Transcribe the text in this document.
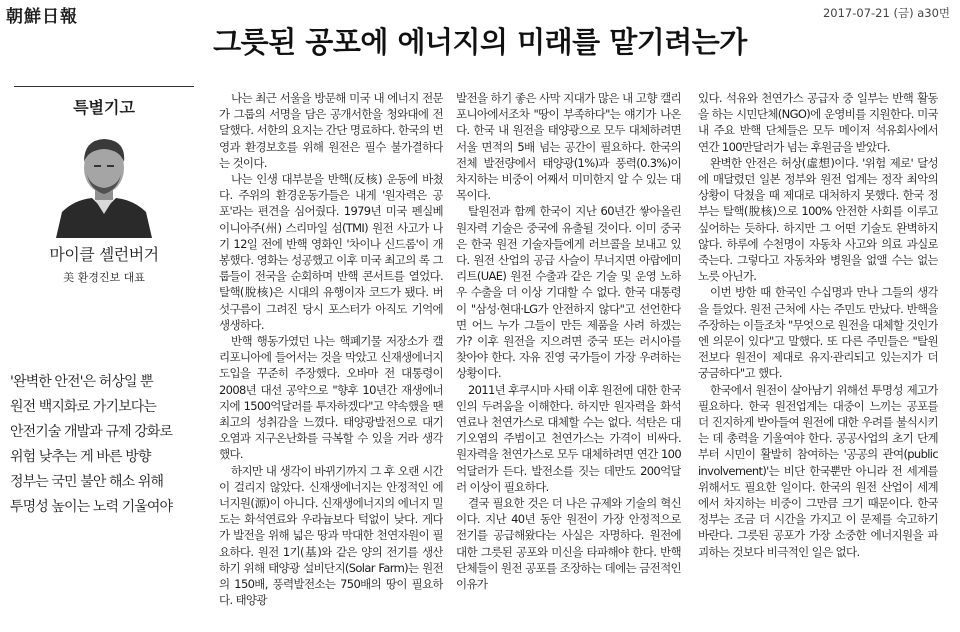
朝鮮日報	2017-07-21 (금) a30면
그릇된 공포에 에너지의 미래를 맡기려는가
특별기고
마이클 셸런버거
美 환경진보 대표
'완벽한 안전'은 허상일 뿐
원전 백지화로 가기보다는
안전기술 개발과 규제 강화로
위험 낮추는 게 바른 방향
정부는 국민 불안 해소 위해
투명성 높이는 노력 기울여야

나는 최근 서울을 방문해 미국 내 에너지 전문가 그룹의 서명을 담은 공개서한을 청와대에 전달했다. 서한의 요지는 간단 명료하다. 한국의 번영과 환경보호를 위해 원전은 필수 불가결하다는 것이다.

나는 인생 대부분을 반핵(反核) 운동에 바쳤다. 주위의 환경운동가들은 내게 '원자력은 공포'라는 편견을 심어줬다. 1979년 미국 펜실베이니아주(州) 스리마일 섬(TMI) 원전 사고가 나기 12일 전에 반핵 영화인 '차이나 신드롬'이 개봉했다. 영화는 성공했고 이후 미국 최고의 록 그룹들이 전국을 순회하며 반핵 콘서트를 열었다. 탈핵(脫核)은 시대의 유행이자 코드가 됐다. 버섯구름이 그려진 당시 포스터가 아직도 기억에 생생하다.

반핵 행동가였던 나는 핵폐기물 저장소가 캘리포니아에 들어서는 것을 막았고 신재생에너지 도입을 꾸준히 주장했다. 오바마 전 대통령이 2008년 대선 공약으로 "향후 10년간 재생에너지에 1500억달러를 투자하겠다"고 약속했을 땐 최고의 성취감을 느꼈다. 태양광발전으로 대기오염과 지구온난화를 극복할 수 있을 거라 생각했다.

하지만 내 생각이 바뀌기까지 그 후 오랜 시간이 걸리지 않았다. 신재생에너지는 안정적인 에너지원(源)이 아니다. 신재생에너지의 에너지 밀도는 화석연료와 우라늄보다 턱없이 낮다. 게다가 발전을 위해 넓은 땅과 막대한 천연자원이 필요하다. 원전 1기(基)와 같은 양의 전기를 생산하기 위해 태양광 설비단지(Solar Farm)는 원전의 150배, 풍력발전소는 750배의 땅이 필요하다. 태양광

발전을 하기 좋은 사막 지대가 많은 내 고향 캘리포니아에서조차 "땅이 부족하다"는 얘기가 나온다. 한국 내 원전을 태양광으로 모두 대체하려면 서울 면적의 5배 넘는 공간이 필요하다. 한국의 전체 발전량에서 태양광(1%)과 풍력(0.3%)이 차지하는 비중이 어째서 미미한지 알 수 있는 대목이다.

탈원전과 함께 한국이 지난 60년간 쌓아올린 원자력 기술은 중국에 유출될 것이다. 이미 중국은 한국 원전 기술자들에게 러브콜을 보내고 있다. 원전 산업의 공급 사슬이 무너지면 아랍에미리트(UAE) 원전 수출과 같은 기술 및 운영 노하우 수출을 더 이상 기대할 수 없다. 한국 대통령이 "삼성·현대·LG가 안전하지 않다"고 선언한다면 어느 누가 그들이 만든 제품을 사려 하겠는가? 이후 원전을 지으려면 중국 또는 러시아를 찾아야 한다. 자유 진영 국가들이 가장 우려하는 상황이다.

2011년 후쿠시마 사태 이후 원전에 대한 한국인의 두려움을 이해한다. 하지만 원자력을 화석연료나 천연가스로 대체할 수는 없다. 석탄은 대기오염의 주범이고 천연가스는 가격이 비싸다. 원자력을 천연가스로 모두 대체하려면 연간 100억달러가 든다. 발전소를 짓는 데만도 200억달러 이상이 필요하다.

결국 필요한 것은 더 나은 규제와 기술의 혁신이다. 지난 40년 동안 원전이 가장 안정적으로 전기를 공급해왔다는 사실은 자명하다. 원전에 대한 그릇된 공포와 미신을 타파해야 한다. 반핵 단체들이 원전 공포를 조장하는 데에는 금전적인 이유가

있다. 석유와 천연가스 공급자 중 일부는 반핵 활동을 하는 시민단체(NGO)에 운영비를 지원한다. 미국 내 주요 반핵 단체들은 모두 메이저 석유회사에서 연간 100만달러가 넘는 후원금을 받았다.

완벽한 안전은 허상(虛想)이다. '위험 제로' 달성에 매달렸던 일본 정부와 원전 업계는 정작 최악의 상황이 닥쳤을 때 제대로 대처하지 못했다. 한국 정부는 탈핵(脫核)으로 100% 안전한 사회를 이루고 싶어하는 듯하다. 하지만 그 어떤 기술도 완벽하지 않다. 하루에 수천명이 자동차 사고와 의료 과실로 죽는다. 그렇다고 자동차와 병원을 없앨 수는 없는 노릇 아닌가.

이번 방한 때 한국인 수십명과 만나 그들의 생각을 들었다. 원전 근처에 사는 주민도 만났다. 반핵을 주장하는 이들조차 "무엇으로 원전을 대체할 것인가엔 의문이 있다"고 말했다. 또 다른 주민들은 "탈원전보다 원전이 제대로 유지·관리되고 있는지가 더 궁금하다"고 했다.

한국에서 원전이 살아남기 위해선 투명성 제고가 필요하다. 한국 원전업계는 대중이 느끼는 공포를 더 진지하게 받아들여 원전에 대한 우려를 불식시키는 데 총력을 기울여야 한다. 공공사업의 초기 단계부터 시민이 활발히 참여하는 '공공의 관여(public involvement)'는 비단 한국뿐만 아니라 전 세계를 위해서도 필요한 일이다. 한국의 원전 산업이 세계에서 차지하는 비중이 그만큼 크기 때문이다. 한국 정부는 조금 더 시간을 가지고 이 문제를 숙고하기 바란다. 그릇된 공포가 가장 소중한 에너지원을 파괴하는 것보다 비극적인 일은 없다.
